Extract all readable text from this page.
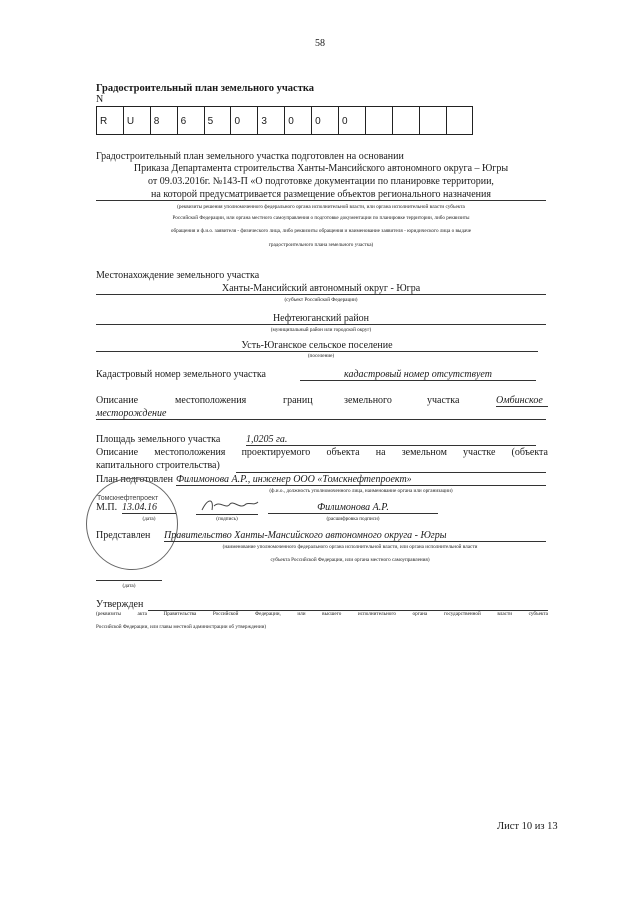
58
Градостроительный план земельного участка
N
R	U	8	6	5	0	3	0	0	0				
Градостроительный план земельного участка подготовлен на основании
Приказа Департамента строительства Ханты-Мансийского автономного округа – Югры
от 09.03.2016г. №143-П «О подготовке документации по планировке территории,
на которой предусматривается размещение объектов регионального назначения
(реквизиты решения уполномоченного федерального органа исполнительной власти, или органа исполнительной власти субъекта
Российской Федерации, или органа местного самоуправления о подготовке документации по планировке территории, либо реквизиты
обращения и ф.и.о. заявителя - физического лица, либо реквизиты обращения и наименование заявителя - юридического лица о выдаче
градостроительного плана земельного участка)
Местонахождение земельного участка
Ханты-Мансийский автономный округ - Югра
(субъект Российской Федерации)
Нефтеюганский район
(муниципальный район или городской округ)
Усть-Юганское сельское поселение
(поселение)
Кадастровый номер земельного участка	кадастровый номер отсутствует
Описание	местоположения	границ	земельного	участка	Омбинское
месторождение
Площадь земельного участка	1,0205 га.
Описание местоположения проектируемого объекта на земельном участке (объекта
капитального строительства)
План подготовлен Филимонова А.Р., инженер ООО «Томскнефтепроект»
(ф.и.о., должность уполномоченного лица, наименование органа или организации)
Томскнефтепроект
М.П. 13.04.16
(дата)	(подпись)
Филимонова А.Р.
(расшифровка подписи)
Представлен Правительство Ханты-Мансийского автономного округа - Югры
(наименование уполномоченного федерального органа исполнительной власти, или органа исполнительной власти
субъекта Российской Федерации, или органа местного самоуправления)
(дата)
Утвержден
(реквизиты акта Правительства Российской Федерации, или высшего исполнительного органа государственной власти субъекта
Российской Федерации, или главы местной администрации об утверждении)
Лист 10 из 13
